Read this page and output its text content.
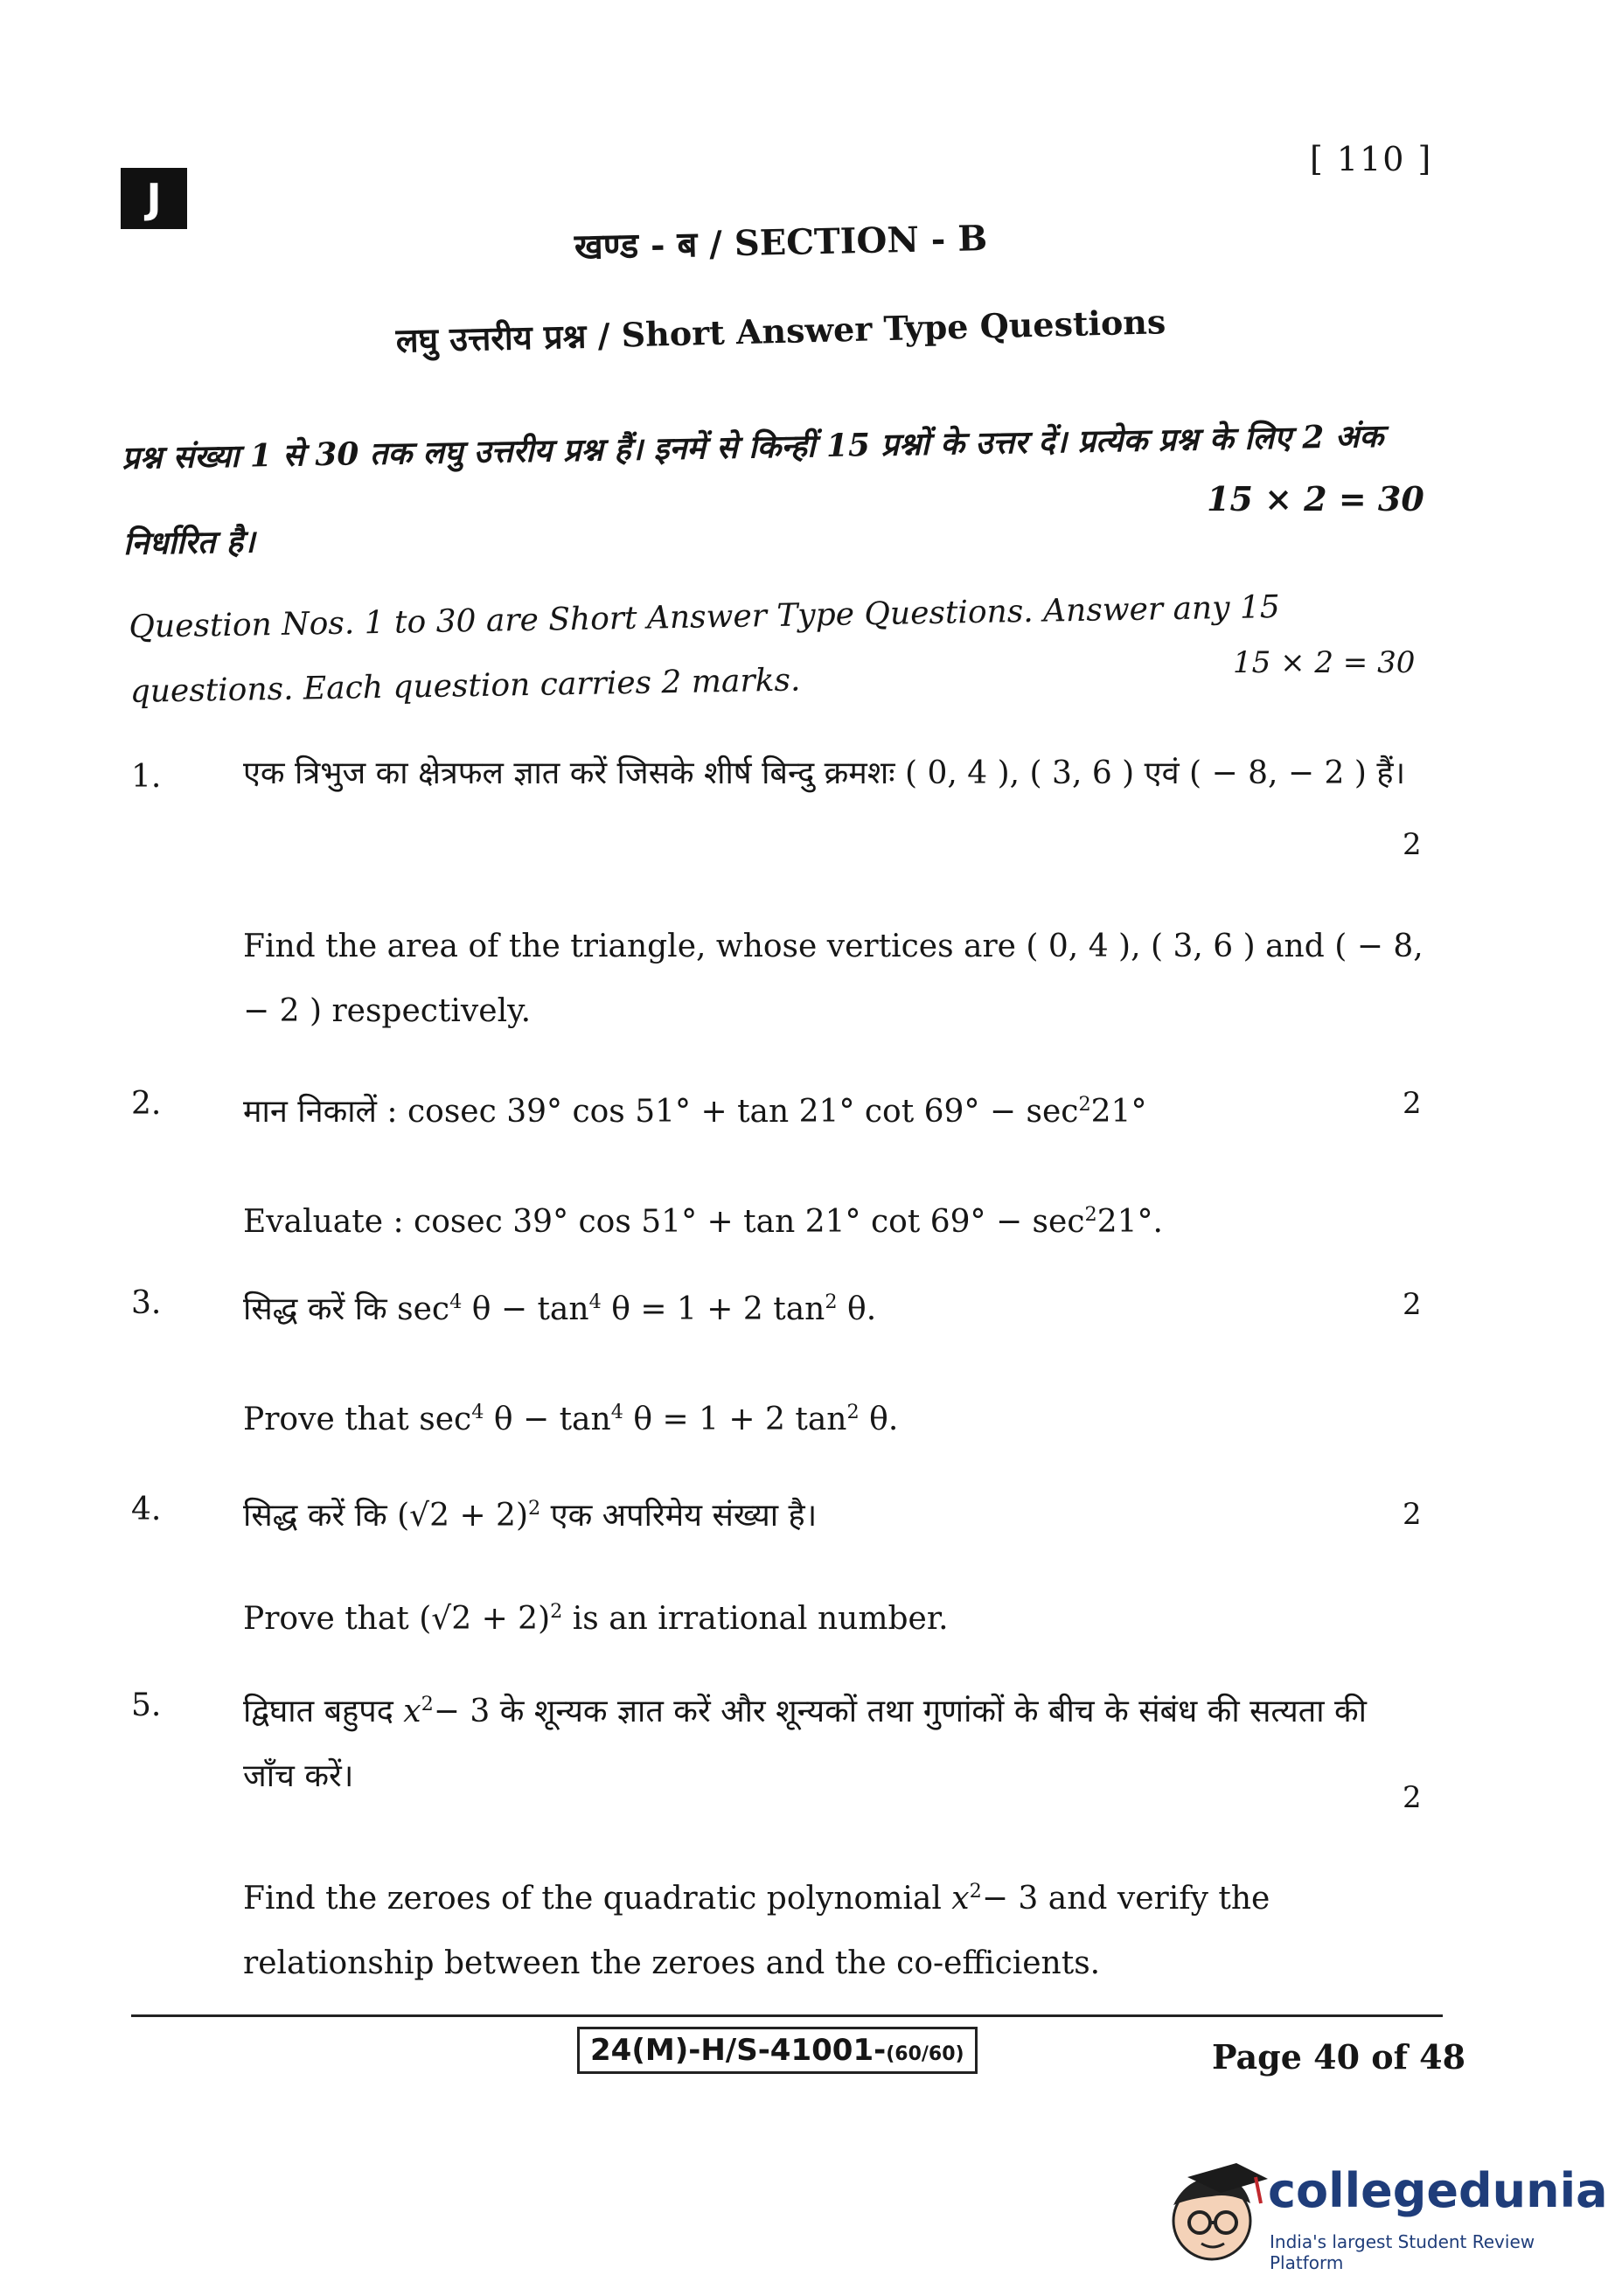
J
[ 110 ]
खण्ड - ब / SECTION - B
लघु उत्तरीय प्रश्न / Short Answer Type Questions
प्रश्न संख्या 1 से 30 तक लघु उत्तरीय प्रश्न हैं। इनमें से किन्हीं 15 प्रश्नों के उत्तर दें। प्रत्येक प्रश्न के लिए 2 अंक निर्धारित है।
15 × 2 = 30
Question Nos. 1 to 30 are Short Answer Type Questions. Answer any 15 questions. Each question carries 2 marks.	15 × 2 = 30
1.	एक त्रिभुज का क्षेत्रफल ज्ञात करें जिसके शीर्ष बिन्दु क्रमशः ( 0, 4 ), ( 3, 6 ) एवं ( − 8, − 2 ) हैं।
2
Find the area of the triangle, whose vertices are ( 0, 4 ), ( 3, 6 ) and ( − 8, − 2 ) respectively.
2.	मान निकालें : cosec 39° cos 51° + tan 21° $\cot 69^\circ - \sec^221^\circ$	2
Evaluate : cosec 39° cos 51° + tan 21° $\cot 69^\circ - \sec^221^\circ$.
3.	सिद्ध करें कि $\sec^4 \theta - \tan^4 \theta = 1 + 2$ $\tan^2 \theta$.	2
Prove that $\sec^4 \theta - \tan^4 \theta = 1 + 2$ $\tan^2 \theta$.
4.	सिद्ध करें कि $(√2 + 2)^2$ एक अपरिमेय संख्या है।	2
Prove that $(√2 + 2)^2$ is an irrational number.
5.	द्विघात बहुपद $x^2- 3$ के शून्यक ज्ञात करें और शून्यकों तथा गुणांकों के बीच के संबंध की सत्यता की जाँच करें।
2
Find the zeroes of the quadratic polynomial $x^2- 3$ and verify the relationship between the zeroes and the co-efficients.
24(M)-H/S-41001-(60/60)	Page 40 of 48
collegedunia
India's largest Student Review Platform
